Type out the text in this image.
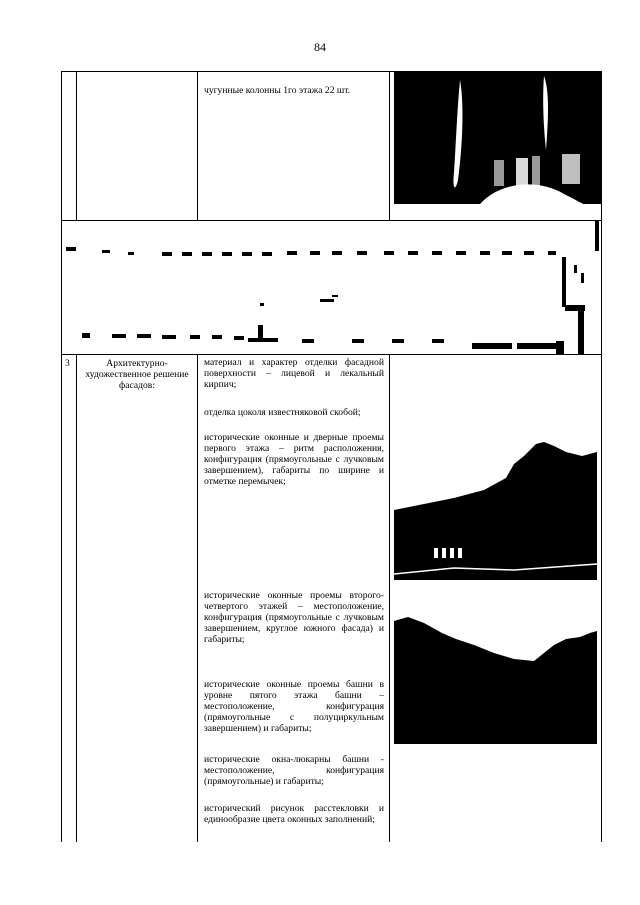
84
чугунные колонны 1го этажа 22 шт.
3	Архитектурно-художественное решение фасадов:
материал и характер отделки фасадной поверхности – лицевой и лекальный кирпич;
отделка цоколя известняковой скобой;
исторические оконные и дверные проемы первого этажа – ритм расположения, конфигурация (прямоугольные с лучковым завершением), габариты по ширине и отметке перемычек;
исторические оконные проемы второго-четвертого этажей – местоположение, конфигурация (прямоугольные с лучковым завершением, круглое южного фасада) и габариты;
исторические оконные проемы башни в уровне пятого этажа башни – местоположение, конфигурация (прямоугольные с полуциркульным завершением) и габариты;
исторические окна-люкарны башни - местоположение, конфигурация (прямоугольные) и габариты;
исторический рисунок расстекловки и единообразие цвета оконных заполнений;
